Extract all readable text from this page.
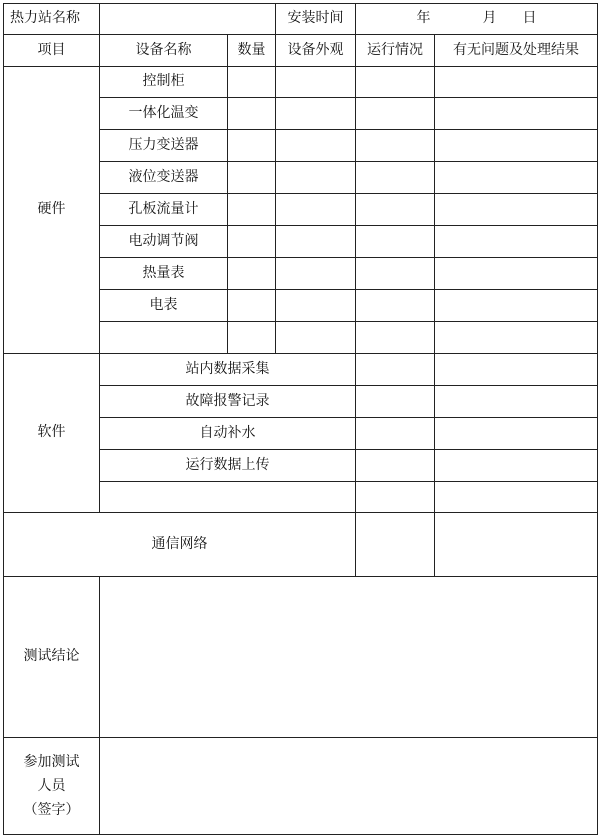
热力站名称			安装时间	年 月 日	
项目	设备名称	数量	设备外观	运行情况	有无问题及处理结果
硬件	控制柜				
	一体化温变				
	压力变送器				
	液位变送器				
	孔板流量计				
	电动调节阀				
	热量表				
	电表				

软件	站内数据采集				
	故障报警记录				
	自动补水				
	运行数据上传				

通信网络					
测试结论					

参加测试
人员
（签字）					
